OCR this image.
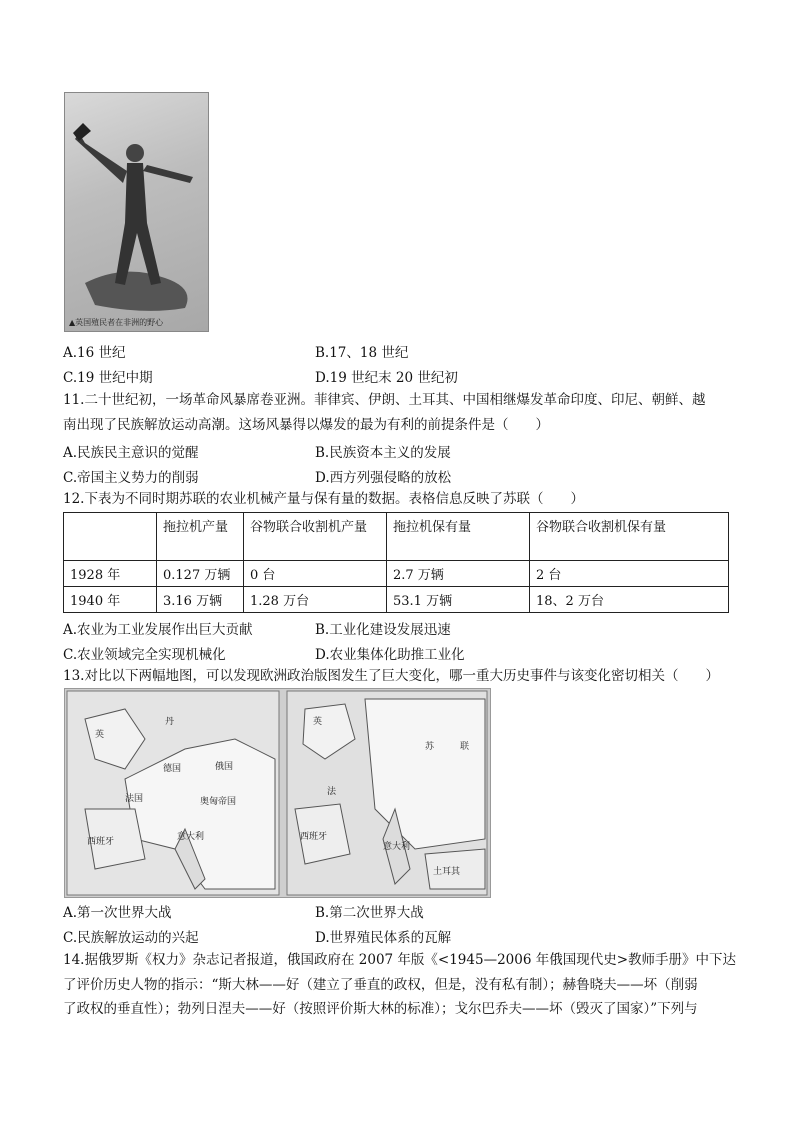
▲英国殖民者在非洲的野心
A.16 世纪	B.17、18 世纪
C.19 世纪中期	D.19 世纪末 20 世纪初
11.二十世纪初，一场革命风暴席卷亚洲。菲律宾、伊朗、土耳其、中国相继爆发革命印度、印尼、朝鲜、越
南出现了民族解放运动高潮。这场风暴得以爆发的最为有利的前提条件是（　　）
A.民族民主意识的觉醒	B.民族资本主义的发展
C.帝国主义势力的削弱	D.西方列强侵略的放松
12.下表为不同时期苏联的农业机械产量与保有量的数据。表格信息反映了苏联（　　）
	拖拉机产量	谷物联合收割机产量	拖拉机保有量	谷物联合收割机保有量
1928 年	0.127 万辆	0 台	2.7 万辆	2 台
1940 年	3.16 万辆	1.28 万台	53.1 万辆	18、2 万台
A.农业为工业发展作出巨大贡献	B.工业化建设发展迅速
C.农业领域完全实现机械化	D.农业集体化助推工业化
13.对比以下两幅地图，可以发现欧洲政治版图发生了巨大变化，哪一重大历史事件与该变化密切相关（　　）
英
丹
德国	俄国
法国	奥匈帝国
西班牙	意大利
英
苏	联
法
西班牙
土耳其
意大利
A.第一次世界大战	B.第二次世界大战
C.民族解放运动的兴起	D.世界殖民体系的瓦解
14.据俄罗斯《权力》杂志记者报道，俄国政府在 2007 年版《<1945—2006 年俄国现代史>教师手册》中下达
了评价历史人物的指示：“斯大林——好（建立了垂直的政权，但是，没有私有制）；赫鲁晓夫——坏（削弱
了政权的垂直性）；勃列日涅夫——好（按照评价斯大林的标准）；戈尔巴乔夫——坏（毁灭了国家）”下列与
